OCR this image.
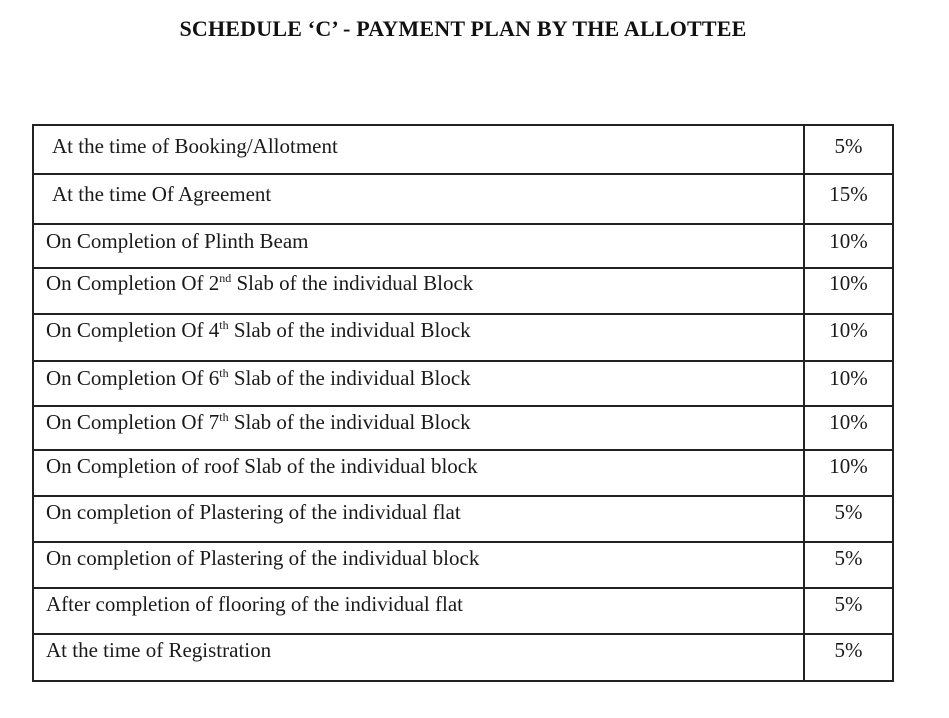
SCHEDULE ‘C’ - PAYMENT PLAN BY THE ALLOTTEE
At the time of Booking/Allotment	5%
At the time Of Agreement	15%
On Completion of Plinth Beam	10%
On Completion Of 2nd Slab of the individual Block	10%
On Completion Of 4th Slab of the individual Block	10%
On Completion Of 6th Slab of the individual Block	10%
On Completion Of 7th Slab of the individual Block	10%
On Completion of roof Slab of the individual block	10%
On completion of Plastering of the individual flat	5%
On completion of Plastering of the individual block	5%
After completion of flooring of the individual flat	5%
At the time of Registration	5%
